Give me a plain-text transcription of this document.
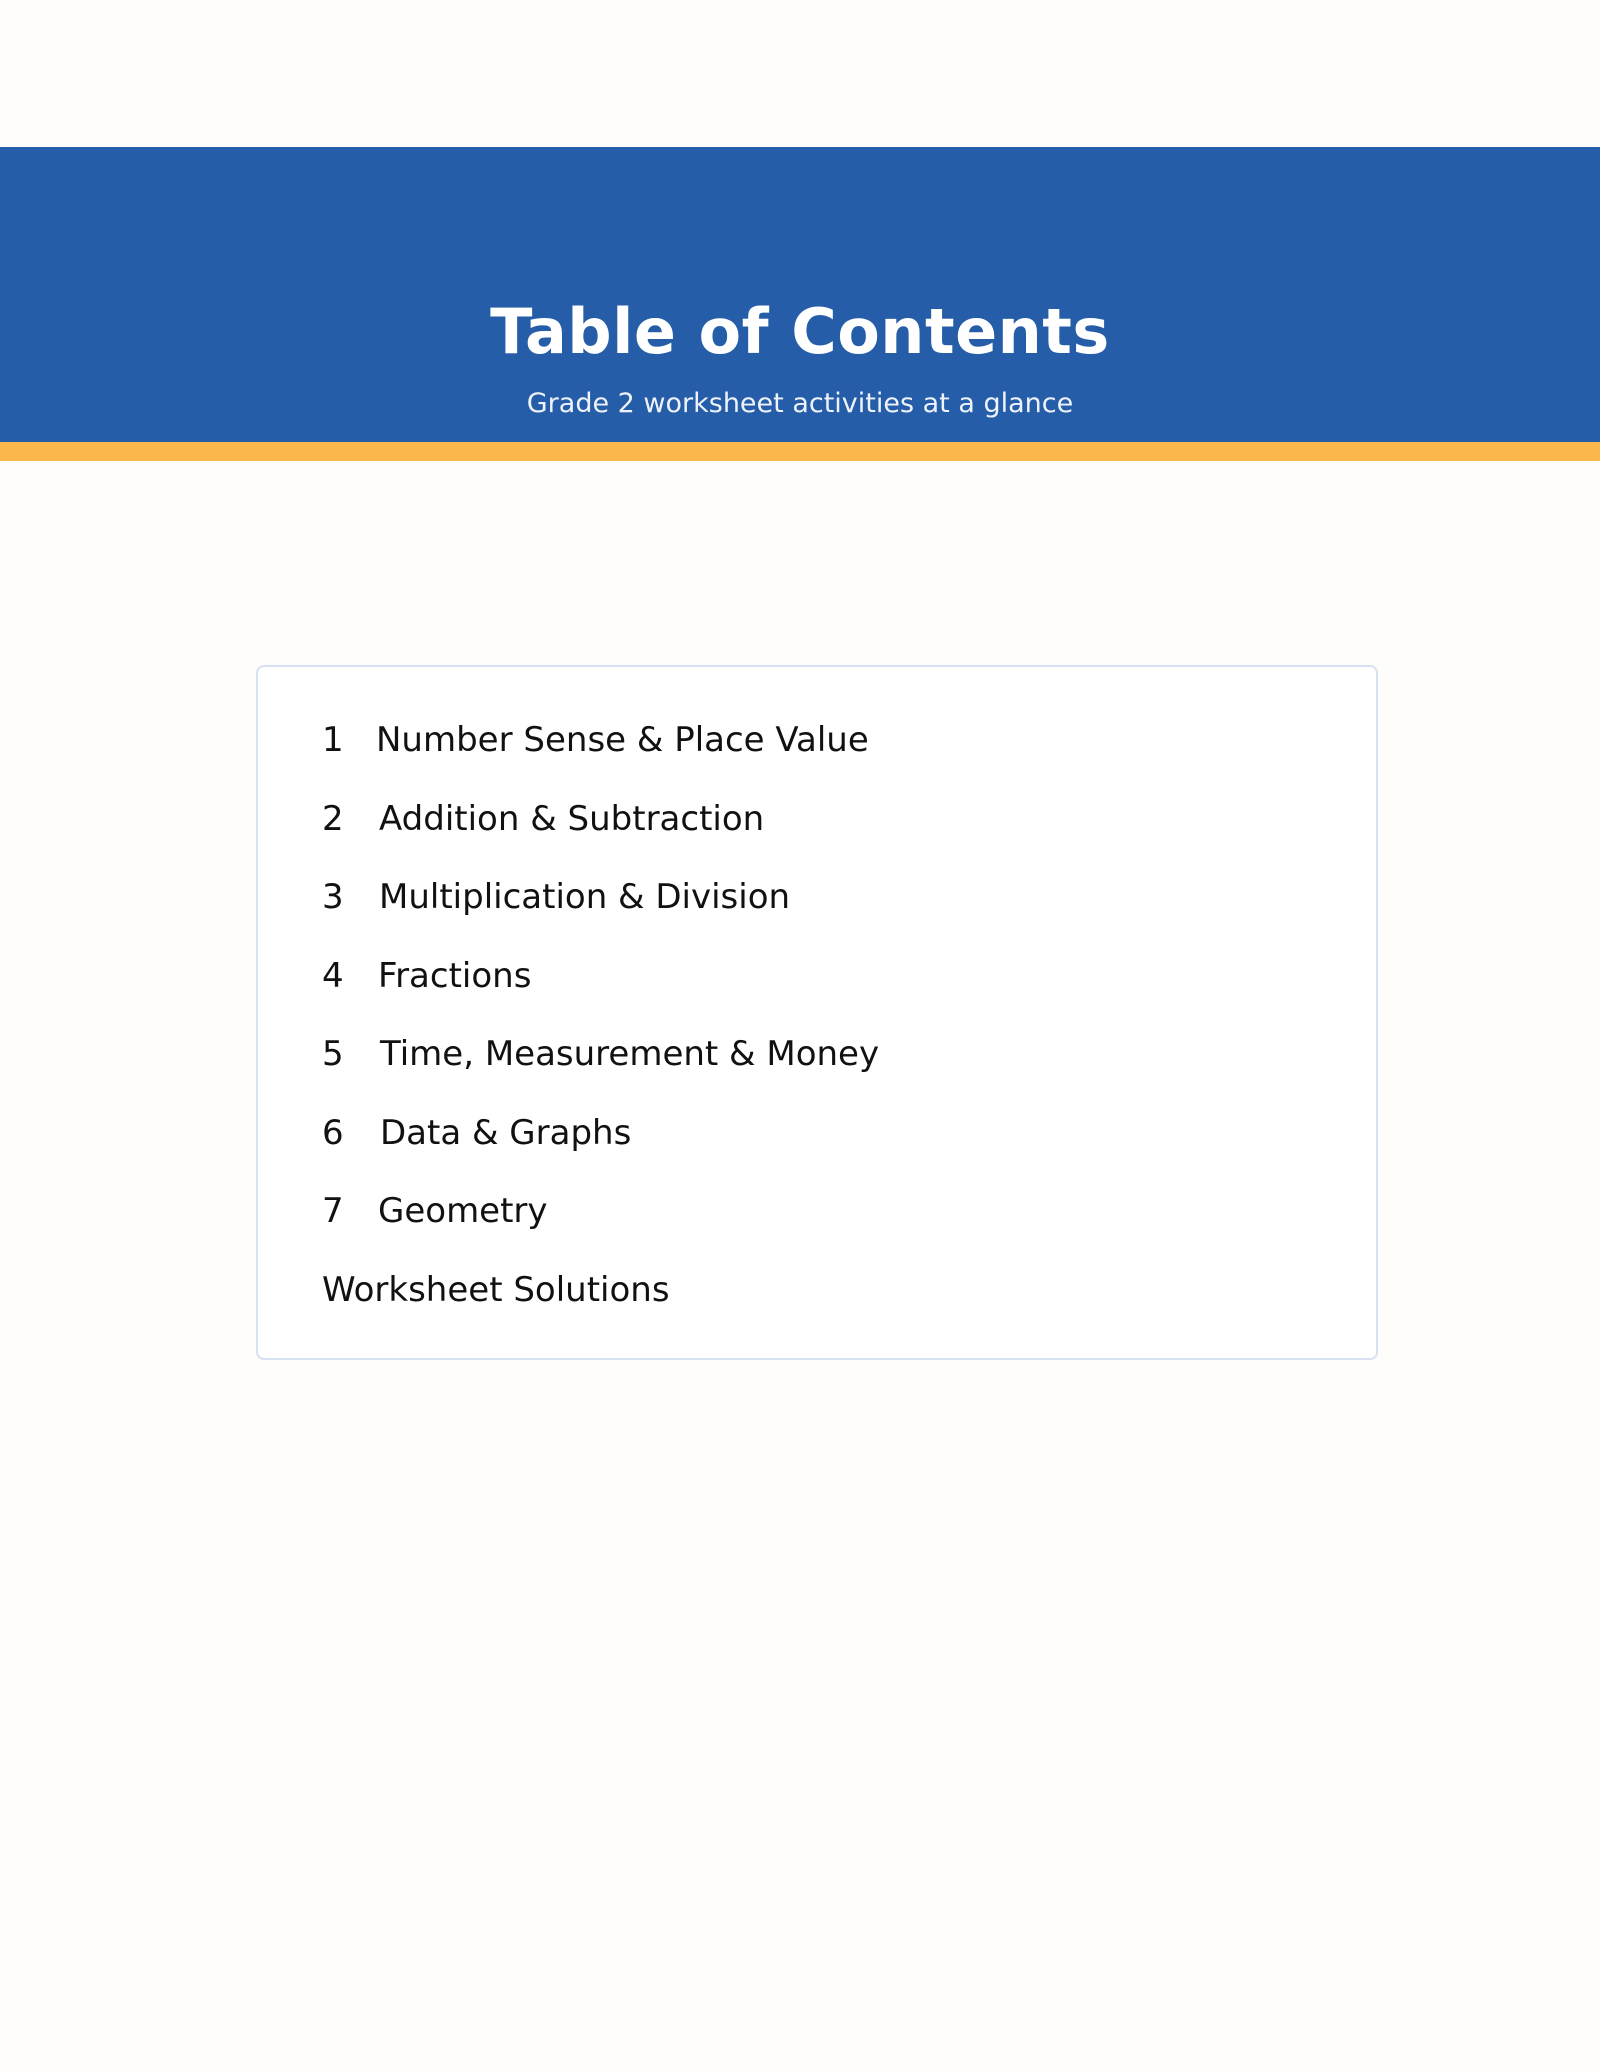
Table of Contents
Grade 2 worksheet activities at a glance
1 Number Sense & Place Value
2	Addition & Subtraction
3	Multiplication & Division
4	Fractions
5	Time, Measurement & Money
6	Data & Graphs
7	Geometry
Worksheet Solutions
